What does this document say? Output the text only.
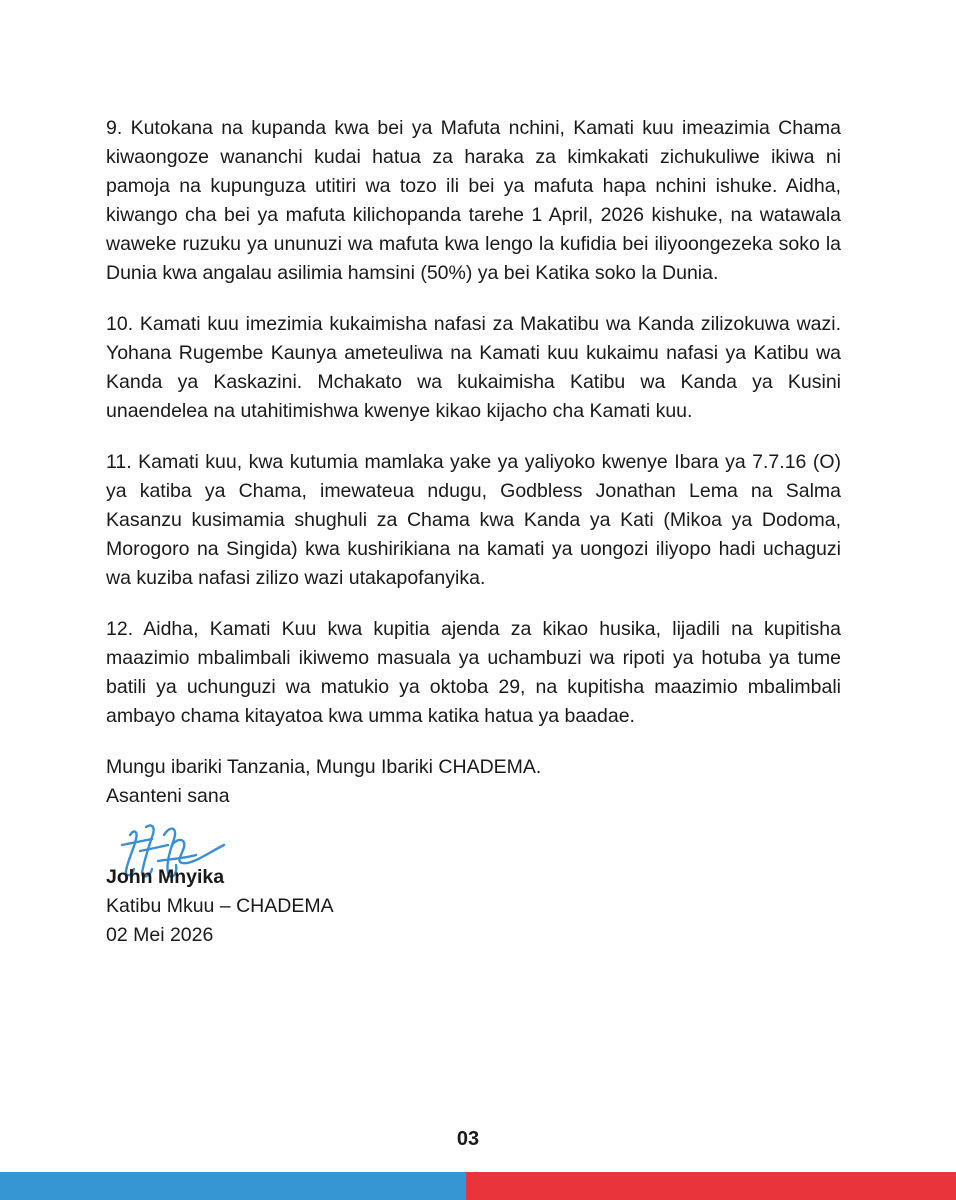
9. Kutokana na kupanda kwa bei ya Mafuta nchini, Kamati kuu imeazimia Chama kiwaongoze wananchi kudai hatua za haraka za kimkakati zichukuliwe ikiwa ni pamoja na kupunguza utitiri wa tozo ili bei ya mafuta hapa nchini ishuke. Aidha, kiwango cha bei ya mafuta kilichopanda tarehe 1 April, 2026 kishuke, na watawala waweke ruzuku ya ununuzi wa mafuta kwa lengo la kufidia bei iliyoongezeka soko la Dunia kwa angalau asilimia hamsini (50%) ya bei Katika soko la Dunia.

10. Kamati kuu imezimia kukaimisha nafasi za Makatibu wa Kanda zilizokuwa wazi. Yohana Rugembe Kaunya ameteuliwa na Kamati kuu kukaimu nafasi ya Katibu wa Kanda ya Kaskazini. Mchakato wa kukaimisha Katibu wa Kanda ya Kusini unaendelea na utahitimishwa kwenye kikao kijacho cha Kamati kuu.

11. Kamati kuu, kwa kutumia mamlaka yake ya yaliyoko kwenye Ibara ya 7.7.16 (O) ya katiba ya Chama, imewateua ndugu, Godbless Jonathan Lema na Salma Kasanzu kusimamia shughuli za Chama kwa Kanda ya Kati (Mikoa ya Dodoma, Morogoro na Singida) kwa kushirikiana na kamati ya uongozi iliyopo hadi uchaguzi wa kuziba nafasi zilizo wazi utakapofanyika.

12. Aidha, Kamati Kuu kwa kupitia ajenda za kikao husika, lijadili na kupitisha maazimio mbalimbali ikiwemo masuala ya uchambuzi wa ripoti ya hotuba ya tume batili ya uchunguzi wa matukio ya oktoba 29, na kupitisha maazimio mbalimbali ambayo chama kitayatoa kwa umma katika hatua ya baadae.

Mungu ibariki Tanzania, Mungu Ibariki CHADEMA.
Asanteni sana
John Mnyika
Katibu Mkuu – CHADEMA
02 Mei 2026
03
